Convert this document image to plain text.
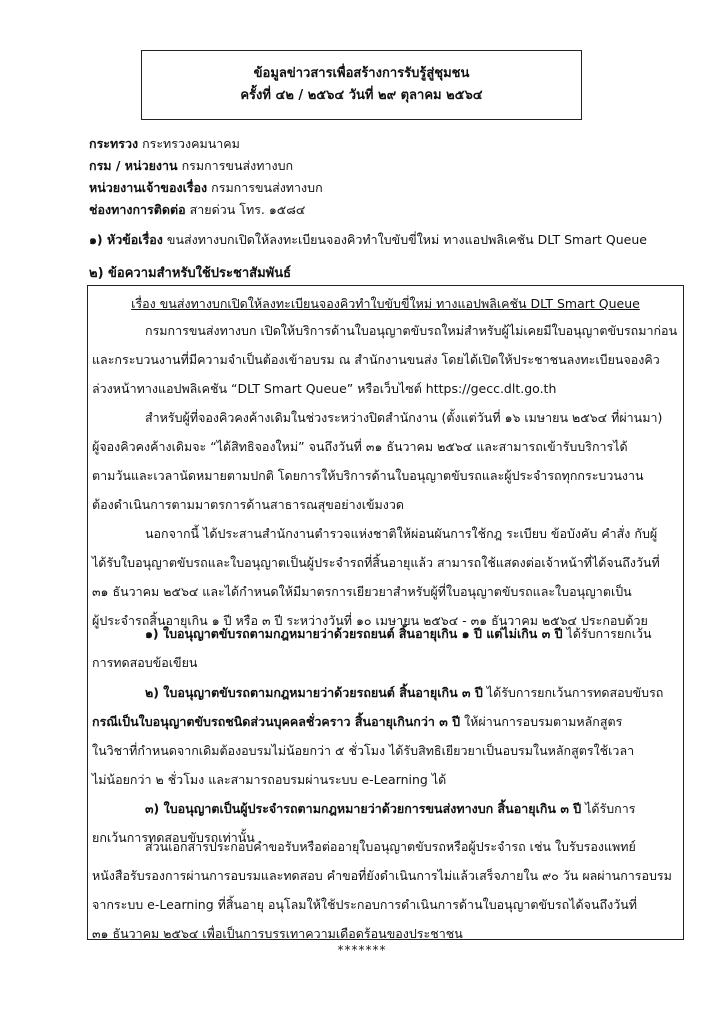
ข้อมูลข่าวสารเพื่อสร้างการรับรู้สู่ชุมชน
ครั้งที่ ๔๒ / ๒๕๖๔ วันที่ ๒๙ ตุลาคม ๒๕๖๔
กระทรวง กระทรวงคมนาคม
กรม / หน่วยงาน กรมการขนส่งทางบก
หน่วยงานเจ้าของเรื่อง กรมการขนส่งทางบก
ช่องทางการติดต่อ สายด่วน โทร. ๑๕๘๔
๑) หัวข้อเรื่อง ขนส่งทางบกเปิดให้ลงทะเบียนจองคิวทำใบขับขี่ใหม่ ทางแอปพลิเคชัน DLT Smart Queue
๒) ข้อความสำหรับใช้ประชาสัมพันธ์
เรื่อง ขนส่งทางบกเปิดให้ลงทะเบียนจองคิวทำใบขับขี่ใหม่ ทางแอปพลิเคชัน DLT Smart Queue
กรมการขนส่งทางบก เปิดให้บริการด้านใบอนุญาตขับรถใหม่สำหรับผู้ไม่เคยมีใบอนุญาตขับรถมาก่อน
และกระบวนงานที่มีความจำเป็นต้องเข้าอบรม ณ สำนักงานขนส่ง โดยได้เปิดให้ประชาชนลงทะเบียนจองคิว
ล่วงหน้าทางแอปพลิเคชัน “DLT Smart Queue” หรือเว็บไซต์ https://gecc.dlt.go.th
สำหรับผู้ที่จองคิวคงค้างเดิมในช่วงระหว่างปิดสำนักงาน (ตั้งแต่วันที่ ๑๖ เมษายน ๒๕๖๔ ที่ผ่านมา)
ผู้จองคิวคงค้างเดิมจะ “ได้สิทธิจองใหม่” จนถึงวันที่ ๓๑ ธันวาคม ๒๕๖๔ และสามารถเข้ารับบริการได้
ตามวันและเวลานัดหมายตามปกติ โดยการให้บริการด้านใบอนุญาตขับรถและผู้ประจำรถทุกกระบวนงาน
ต้องดำเนินการตามมาตรการด้านสาธารณสุขอย่างเข้มงวด
นอกจากนี้ ได้ประสานสำนักงานตำรวจแห่งชาติให้ผ่อนผันการใช้กฎ ระเบียบ ข้อบังคับ คำสั่ง กับผู้
ได้รับใบอนุญาตขับรถและใบอนุญาตเป็นผู้ประจำรถที่สิ้นอายุแล้ว สามารถใช้แสดงต่อเจ้าหน้าที่ได้จนถึงวันที่
๓๑ ธันวาคม ๒๕๖๔ และได้กำหนดให้มีมาตรการเยียวยาสำหรับผู้ที่ใบอนุญาตขับรถและใบอนุญาตเป็น
ผู้ประจำรถสิ้นอายุเกิน ๑ ปี หรือ ๓ ปี ระหว่างวันที่ ๑๐ เมษายน ๒๕๖๔ - ๓๑ ธันวาคม ๒๕๖๔ ประกอบด้วย
๑) ใบอนุญาตขับรถตามกฎหมายว่าด้วยรถยนต์ สิ้นอายุเกิน ๑ ปี แต่ไม่เกิน ๓ ปี ได้รับการยกเว้น
การทดสอบข้อเขียน
๒) ใบอนุญาตขับรถตามกฎหมายว่าด้วยรถยนต์ สิ้นอายุเกิน ๓ ปี ได้รับการยกเว้นการทดสอบขับรถ
กรณีเป็นใบอนุญาตขับรถชนิดส่วนบุคคลชั่วคราว สิ้นอายุเกินกว่า ๓ ปี ให้ผ่านการอบรมตามหลักสูตร
ในวิชาที่กำหนดจากเดิมต้องอบรมไม่น้อยกว่า ๕ ชั่วโมง ได้รับสิทธิเยียวยาเป็นอบรมในหลักสูตรใช้เวลา
ไม่น้อยกว่า ๒ ชั่วโมง และสามารถอบรมผ่านระบบ e-Learning ได้
๓) ใบอนุญาตเป็นผู้ประจำรถตามกฎหมายว่าด้วยการขนส่งทางบก สิ้นอายุเกิน ๓ ปี ได้รับการ
ยกเว้นการทดสอบขับรถเท่านั้น
ส่วนเอกสารประกอบคำขอรับหรือต่ออายุใบอนุญาตขับรถหรือผู้ประจำรถ เช่น ใบรับรองแพทย์
หนังสือรับรองการผ่านการอบรมและทดสอบ คำขอที่ยังดำเนินการไม่แล้วเสร็จภายใน ๙๐ วัน ผลผ่านการอบรม
จากระบบ e-Learning ที่สิ้นอายุ อนุโลมให้ใช้ประกอบการดำเนินการด้านใบอนุญาตขับรถได้จนถึงวันที่
๓๑ ธันวาคม ๒๕๖๔ เพื่อเป็นการบรรเทาความเดือดร้อนของประชาชน
*******
